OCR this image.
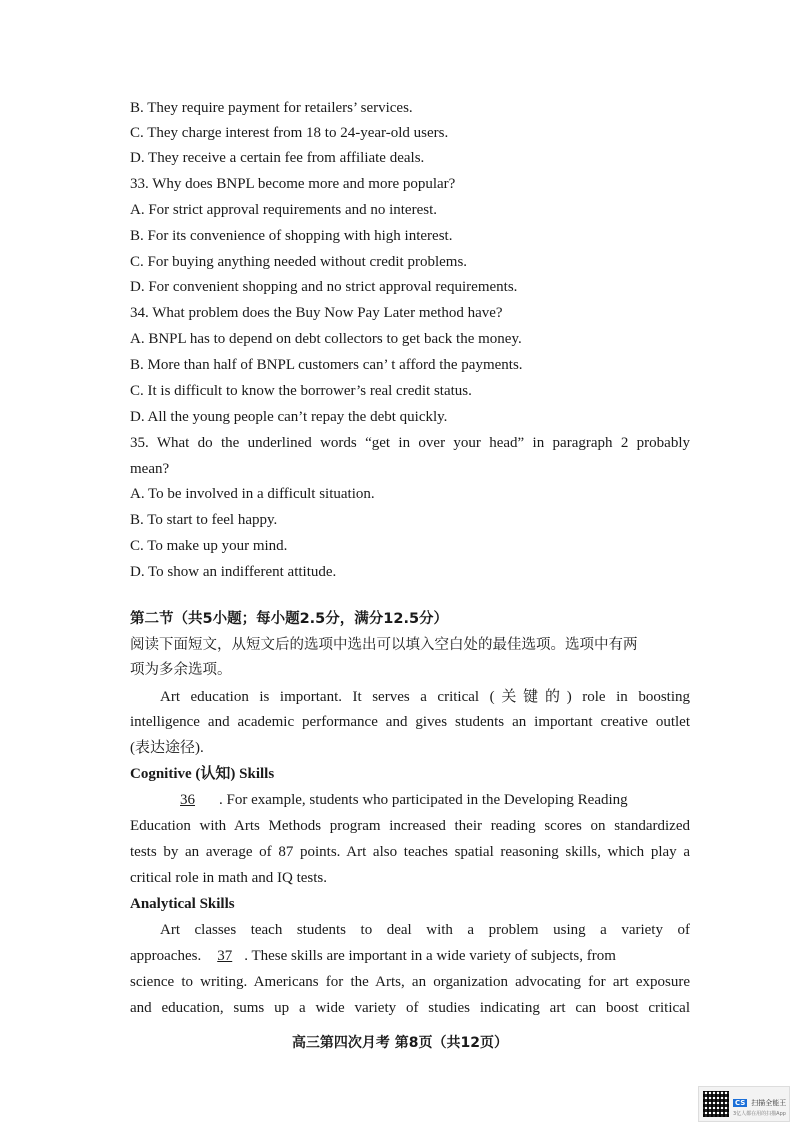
B. They require payment for retailers’ services.
C. They charge interest from 18 to 24-year-old users.
D. They receive a certain fee from affiliate deals.
33. Why does BNPL become more and more popular?
A. For strict approval requirements and no interest.
B. For its convenience of shopping with high interest.
C. For buying anything needed without credit problems.
D. For convenient shopping and no strict approval requirements.
34. What problem does the Buy Now Pay Later method have?
A. BNPL has to depend on debt collectors to get back the money.
B. More than half of BNPL customers can’ t afford the payments.
C. It is difficult to know the borrower’s real credit status.
D. All the young people can’t repay the debt quickly.
35. What do the underlined words “get in over your head” in paragraph 2 probably
mean?
A. To be involved in a difficult situation.
B. To start to feel happy.
C. To make up your mind.
D. To show an indifferent attitude.
第二节（共5小题；每小题2.5分，满分12.5分）
阅读下面短文，从短文后的选项中选出可以填入空白处的最佳选项。选项中有两
项为多余选项。
Art education is important. It serves a critical (关键的) role in boosting
intelligence and academic performance and gives students an important creative outlet
(表达途径).
Cognitive (认知) Skills
36 . For example, students who participated in the Developing Reading
Education with Arts Methods program increased their reading scores on standardized
tests by an average of 87 points. Art also teaches spatial reasoning skills, which play a
critical role in math and IQ tests.
Analytical Skills
Art classes teach students to deal with a problem using a variety of
approaches. 37 . These skills are important in a wide variety of subjects, from
science to writing. Americans for the Arts, an organization advocating for art exposure
and education, sums up a wide variety of studies indicating art can boost critical
高三第四次月考 第8页（共12页）
CS 扫描全能王
3亿人都在用的扫描App
